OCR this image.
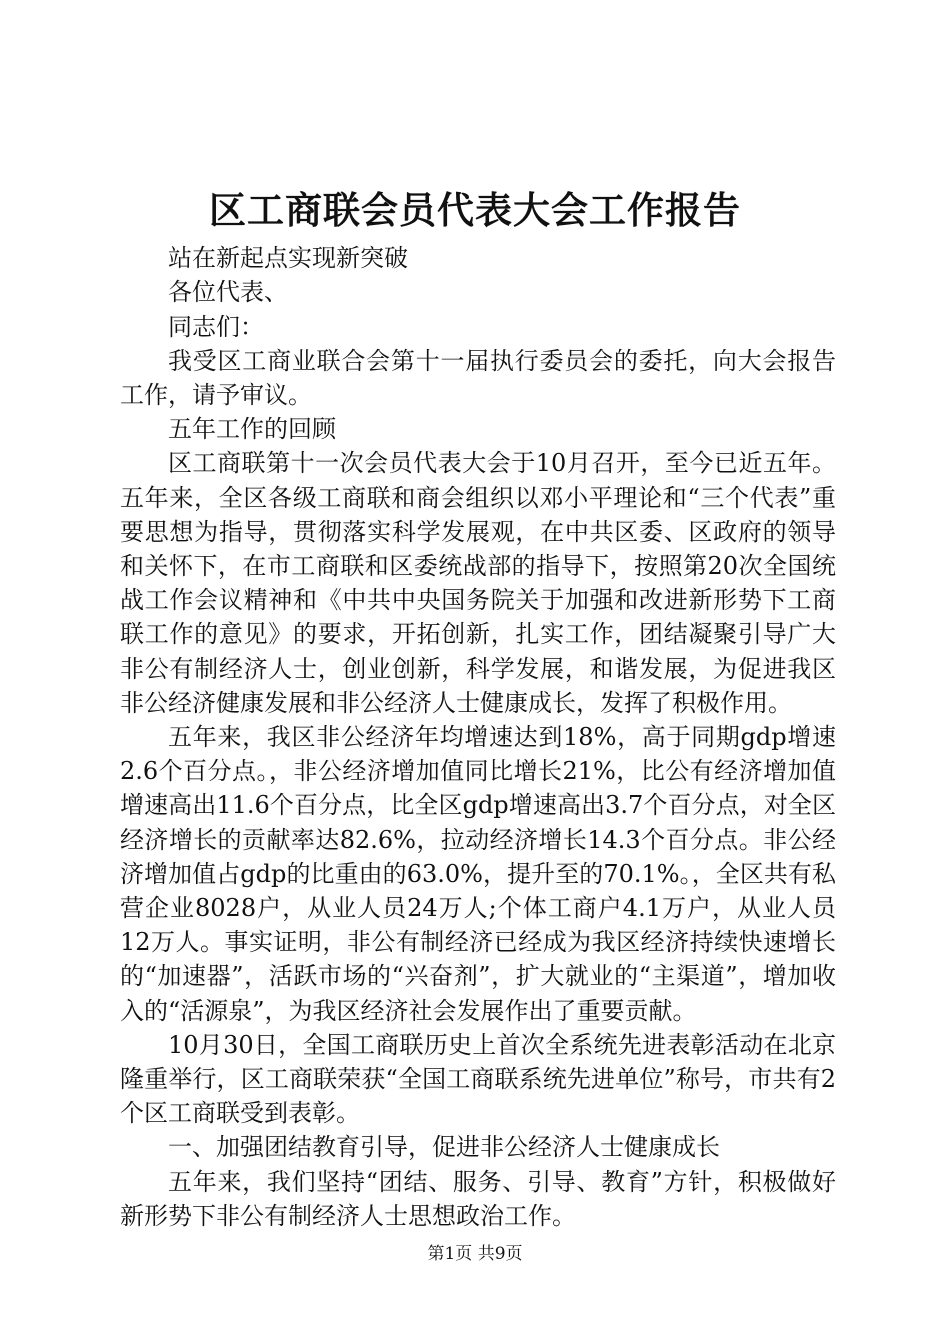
区工商联会员代表大会工作报告

站在新起点实现新突破

各位代表、

同志们：

我受区工商业联合会第十一届执行委员会的委托，向大会报告工作，请予审议。

五年工作的回顾

区工商联第十一次会员代表大会于10月召开，至今已近五年。五年来，全区各级工商联和商会组织以邓小平理论和“三个代表”重要思想为指导，贯彻落实科学发展观，在中共区委、区政府的领导和关怀下，在市工商联和区委统战部的指导下，按照第20次全国统战工作会议精神和《中共中央国务院关于加强和改进新形势下工商联工作的意见》的要求，开拓创新，扎实工作，团结凝聚引导广大非公有制经济人士，创业创新，科学发展，和谐发展，为促进我区非公经济健康发展和非公经济人士健康成长，发挥了积极作用。

五年来，我区非公经济年均增速达到18%，高于同期gdp增速2.6个百分点。，非公经济增加值同比增长21%，比公有经济增加值增速高出11.6个百分点，比全区gdp增速高出3.7个百分点，对全区经济增长的贡献率达82.6%，拉动经济增长14.3个百分点。非公经济增加值占gdp的比重由的63.0%，提升至的70.1%。，全区共有私营企业8028户，从业人员24万人;个体工商户4.1万户，从业人员12万人。事实证明，非公有制经济已经成为我区经济持续快速增长的“加速器”，活跃市场的“兴奋剂”，扩大就业的“主渠道”，增加收入的“活源泉”，为我区经济社会发展作出了重要贡献。

10月30日，全国工商联历史上首次全系统先进表彰活动在北京隆重举行，区工商联荣获“全国工商联系统先进单位”称号，市共有2个区工商联受到表彰。

一、加强团结教育引导，促进非公经济人士健康成长

五年来，我们坚持“团结、服务、引导、教育”方针，积极做好新形势下非公有制经济人士思想政治工作。

第1页 共9页
